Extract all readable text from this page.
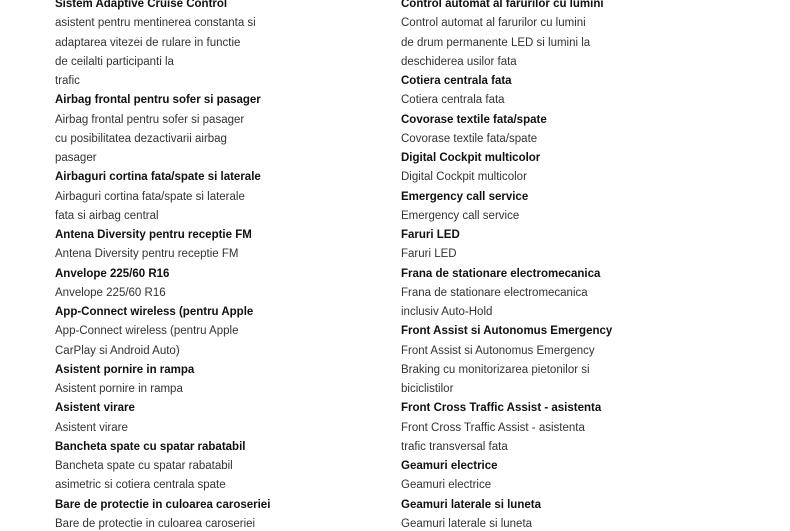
Sistem Adaptive Cruise Control
asistent pentru mentinerea constanta si
adaptarea vitezei de rulare in functie
de ceilalti participanti la
trafic
Airbag frontal pentru sofer si pasager
Airbag frontal pentru sofer si pasager
cu posibilitatea dezactivarii airbag
pasager
Airbaguri cortina fata/spate si laterale
Airbaguri cortina fata/spate si laterale
fata si airbag central
Antena Diversity pentru receptie FM
Antena Diversity pentru receptie FM
Anvelope 225/60 R16
Anvelope 225/60 R16
App-Connect wireless (pentru Apple
App-Connect wireless (pentru Apple
CarPlay si Android Auto)
Asistent pornire in rampa
Asistent pornire in rampa
Asistent virare
Asistent virare
Bancheta spate cu spatar rabatabil
Bancheta spate cu spatar rabatabil
asimetric si cotiera centrala spate
Bare de protectie in culoarea caroseriei
Bare de protectie in culoarea caroseriei
Control automat al farurilor cu lumini
Control automat al farurilor cu lumini
de drum permanente LED si lumini la
deschiderea usilor fata
Cotiera centrala fata
Cotiera centrala fata
Covorase textile fata/spate
Covorase textile fata/spate
Digital Cockpit multicolor
Digital Cockpit multicolor
Emergency call service
Emergency call service
Faruri LED
Faruri LED
Frana de stationare electromecanica
Frana de stationare electromecanica
inclusiv Auto-Hold
Front Assist si Autonomus Emergency
Front Assist si Autonomus Emergency
Braking cu monitorizarea pietonilor si
biciclistilor
Front Cross Traffic Assist - asistenta
Front Cross Traffic Assist - asistenta
trafic transversal fata
Geamuri electrice
Geamuri electrice
Geamuri laterale si luneta
Geamuri laterale si luneta
